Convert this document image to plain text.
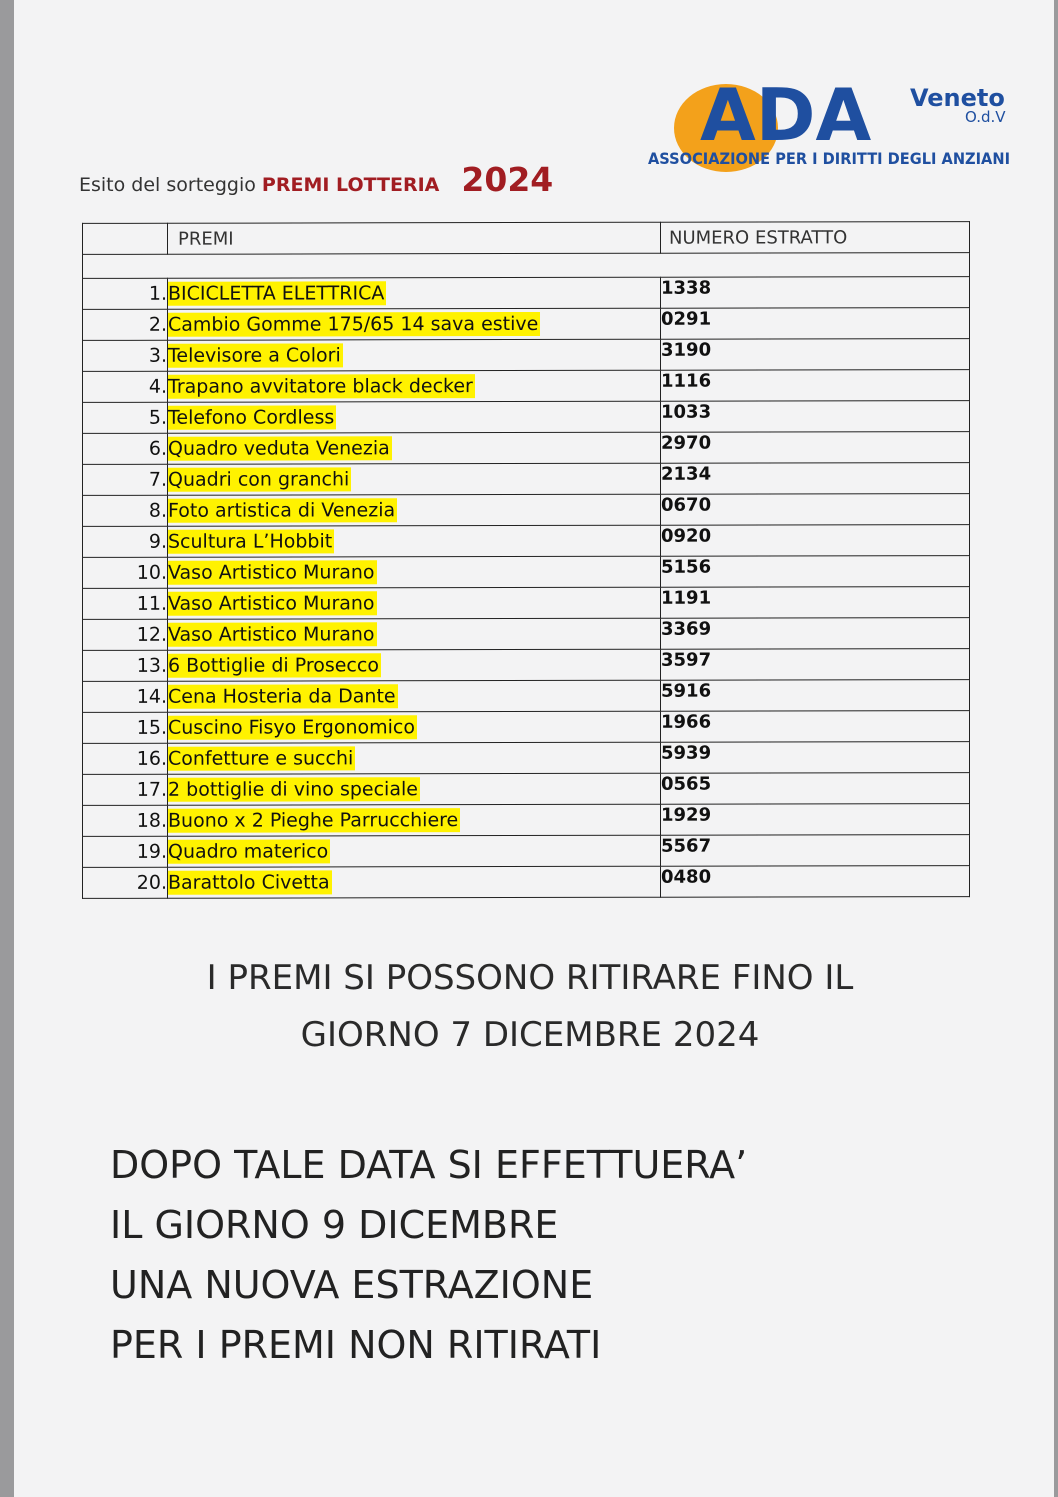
ADA Veneto
O.d.V
ASSOCIAZIONE PER I DIRITTI DEGLI ANZIANI
Esito del sorteggio PREMI LOTTERIA 2024
	PREMI	NUMERO ESTRATTO

1.	BICICLETTA ELETTRICA	1338
2.	Cambio Gomme 175/65 14 sava estive	0291
3.	Televisore a Colori	3190
4.	Trapano avvitatore black decker	1116
5.	Telefono Cordless	1033
6.	Quadro veduta Venezia	2970
7.	Quadri con granchi	2134
8.	Foto artistica di Venezia	0670
9.	Scultura L’Hobbit	0920
10.	Vaso Artistico Murano	5156
11.	Vaso Artistico Murano	1191
12.	Vaso Artistico Murano	3369
13.	6 Bottiglie di Prosecco	3597
14.	Cena Hosteria da Dante	5916
15.	Cuscino Fisyo Ergonomico	1966
16.	Confetture e succhi	5939
17.	2 bottiglie di vino speciale	0565
18.	Buono x 2 Pieghe Parrucchiere	1929
19.	Quadro materico	5567
20.	Barattolo Civetta	0480
I PREMI SI POSSONO RITIRARE FINO IL
GIORNO 7 DICEMBRE 2024
DOPO TALE DATA SI EFFETTUERA’
IL GIORNO 9 DICEMBRE
UNA NUOVA ESTRAZIONE
PER I PREMI NON RITIRATI
